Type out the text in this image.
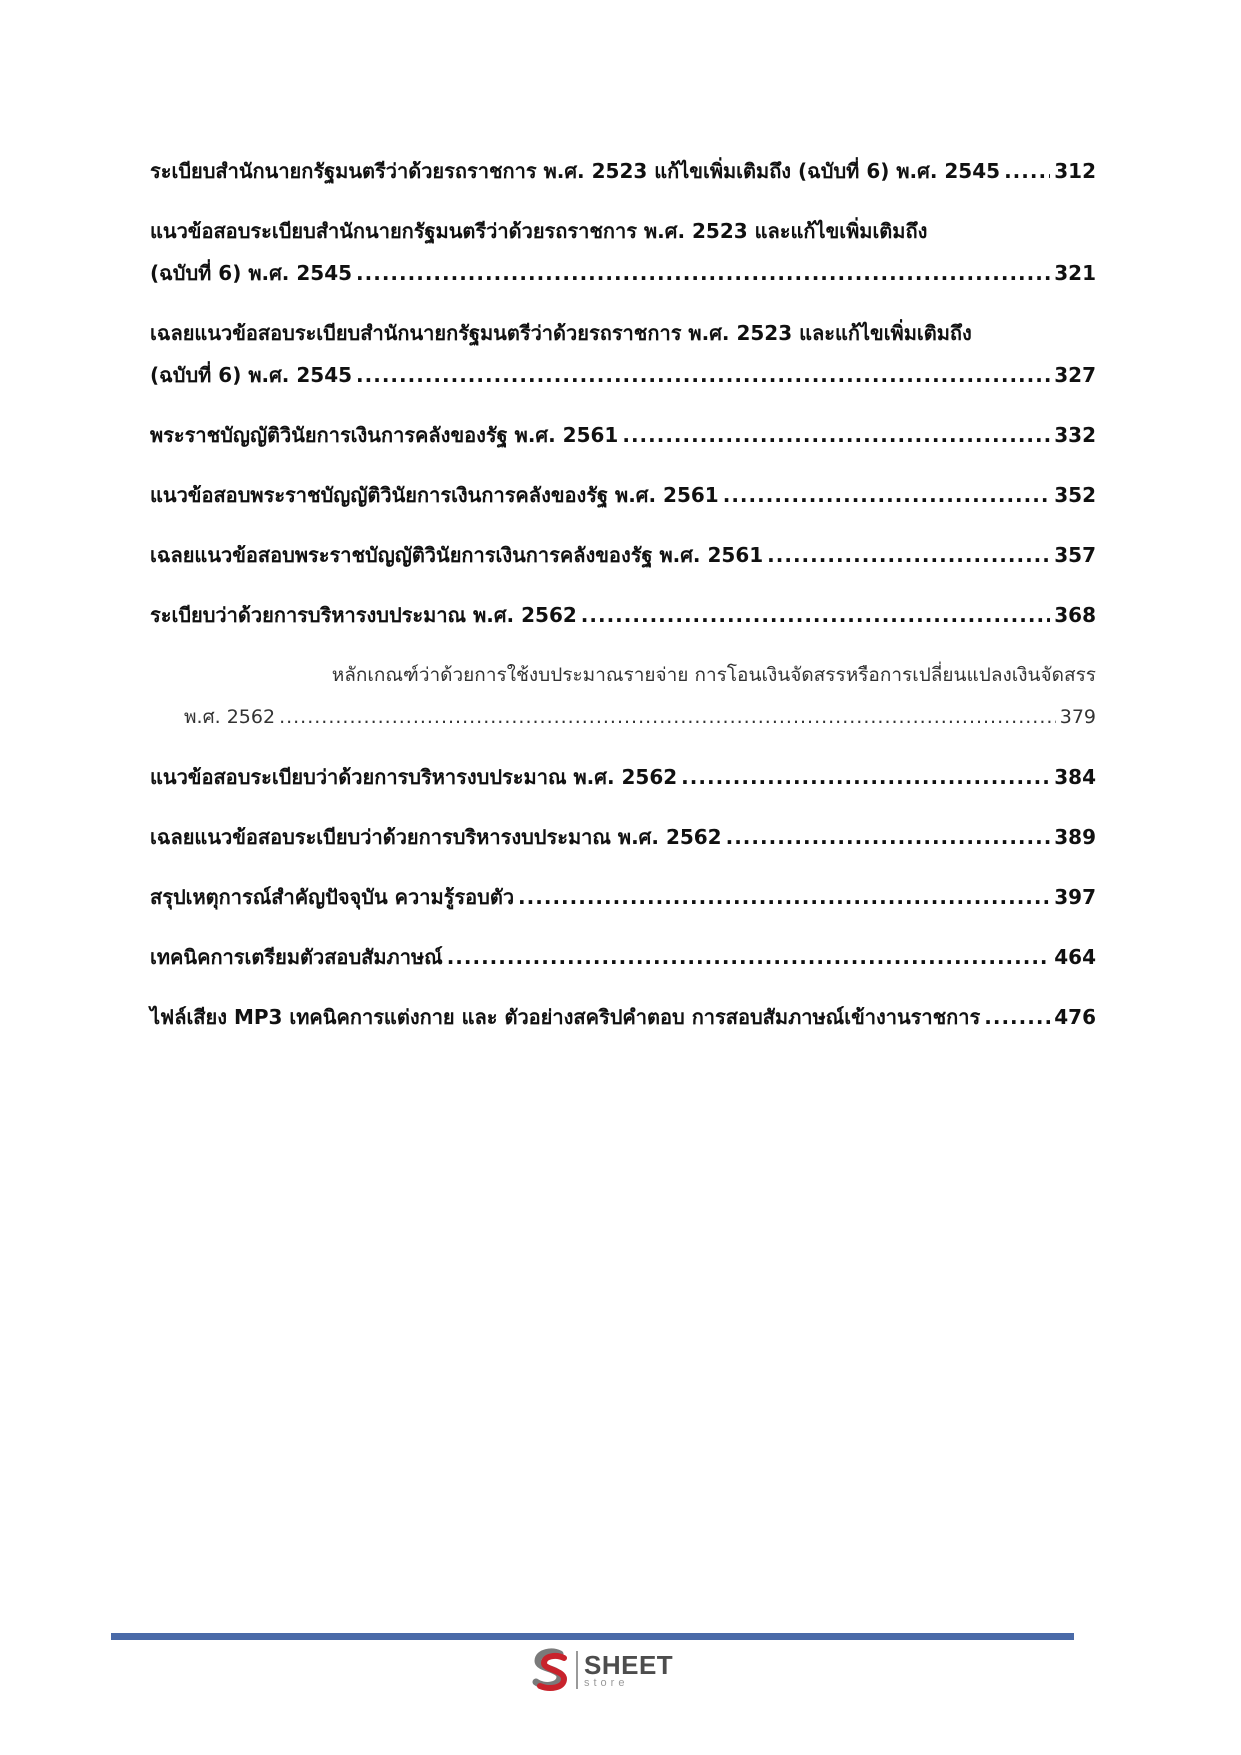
ระเบียบสำนักนายกรัฐมนตรีว่าด้วยรถราชการ พ.ศ. 2523 แก้ไขเพิ่มเติมถึง (ฉบับที่ 6) พ.ศ. 2545 .....	312
แนวข้อสอบระเบียบสำนักนายกรัฐมนตรีว่าด้วยรถราชการ พ.ศ. 2523 และแก้ไขเพิ่มเติมถึง
(ฉบับที่ 6) พ.ศ. 2545 .....	321
เฉลยแนวข้อสอบระเบียบสำนักนายกรัฐมนตรีว่าด้วยรถราชการ พ.ศ. 2523 และแก้ไขเพิ่มเติมถึง
(ฉบับที่ 6) พ.ศ. 2545 .....	327
พระราชบัญญัติวินัยการเงินการคลังของรัฐ พ.ศ. 2561 .....	332
แนวข้อสอบพระราชบัญญัติวินัยการเงินการคลังของรัฐ พ.ศ. 2561 .....	352
เฉลยแนวข้อสอบพระราชบัญญัติวินัยการเงินการคลังของรัฐ พ.ศ. 2561 .....	357
ระเบียบว่าด้วยการบริหารงบประมาณ พ.ศ. 2562 .....	368
หลักเกณฑ์ว่าด้วยการใช้งบประมาณรายจ่าย การโอนเงินจัดสรรหรือการเปลี่ยนแปลงเงินจัดสรร
พ.ศ. 2562 .....	379
แนวข้อสอบระเบียบว่าด้วยการบริหารงบประมาณ พ.ศ. 2562 .....	384
เฉลยแนวข้อสอบระเบียบว่าด้วยการบริหารงบประมาณ พ.ศ. 2562 .....	389
สรุปเหตุการณ์สำคัญปัจจุบัน ความรู้รอบตัว .....	397
เทคนิคการเตรียมตัวสอบสัมภาษณ์ .....	464
ไฟล์เสียง MP3 เทคนิคการแต่งกาย และ ตัวอย่างสคริปคำตอบ การสอบสัมภาษณ์เข้างานราชการ .....	476
SHEET
store
